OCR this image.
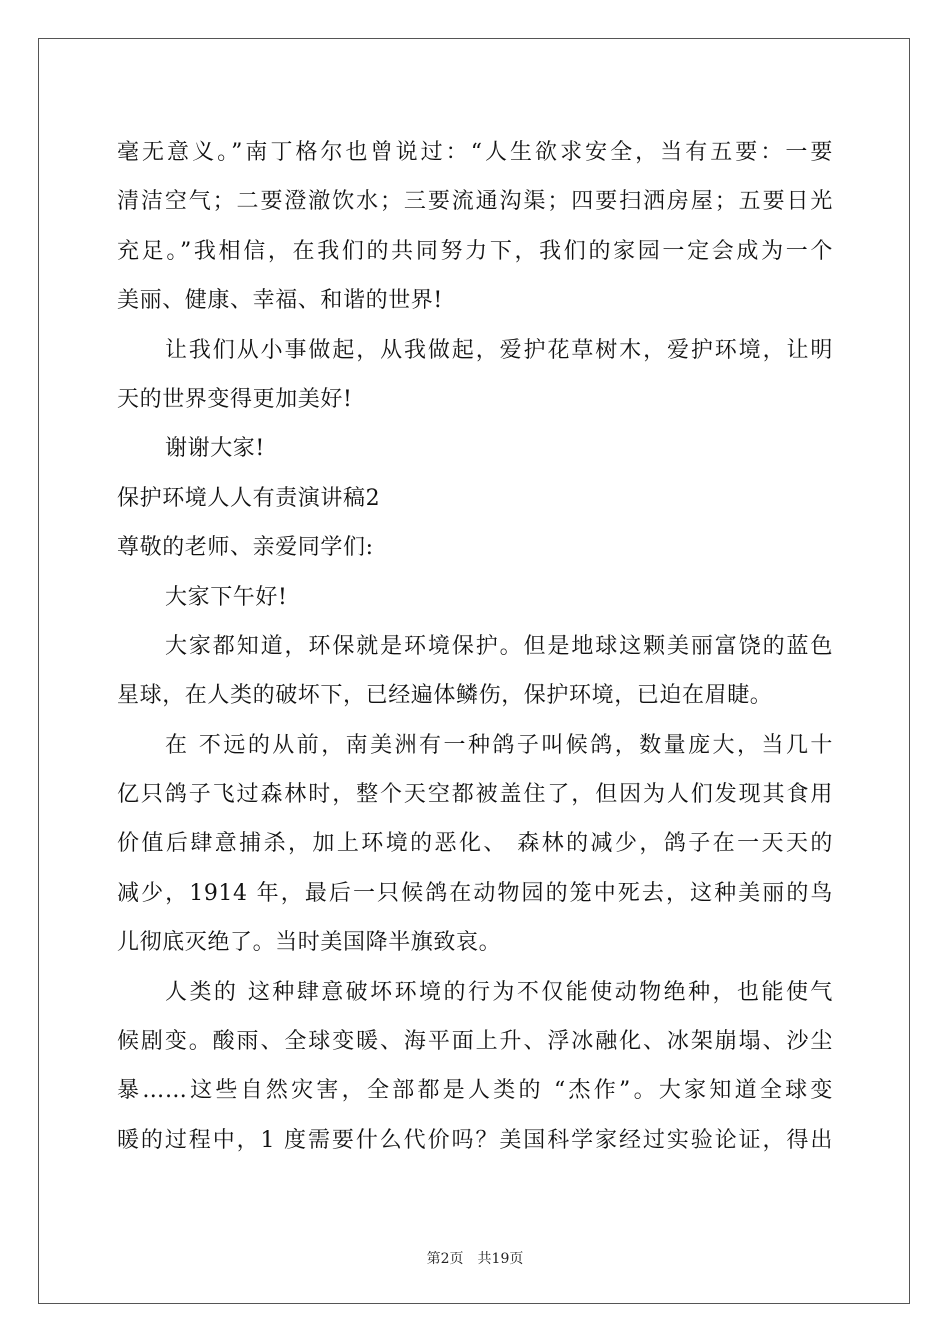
毫无意义。”南丁格尔也曾说过：“人生欲求安全，当有五要：一要
清洁空气；二要澄澈饮水；三要流通沟渠；四要扫洒房屋；五要日光
充足。”我相信，在我们的共同努力下，我们的家园一定会成为一个
美丽、健康、幸福、和谐的世界!
让我们从小事做起，从我做起，爱护花草树木，爱护环境，让明
天的世界变得更加美好!
谢谢大家!
保护环境人人有责演讲稿2
尊敬的老师、亲爱同学们:
大家下午好!
大家都知道，环保就是环境保护。但是地球这颗美丽富饶的蓝色
星球，在人类的破坏下，已经遍体鳞伤，保护环境，已迫在眉睫。
在 不远的从前，南美洲有一种鸽子叫候鸽，数量庞大，当几十
亿只鸽子飞过森林时，整个天空都被盖住了，但因为人们发现其食用
价值后肆意捕杀，加上环境的恶化、 森林的减少，鸽子在一天天的
减少，1914 年，最后一只候鸽在动物园的笼中死去，这种美丽的鸟
儿彻底灭绝了。当时美国降半旗致哀。
人类的 这种肆意破坏环境的行为不仅能使动物绝种，也能使气
候剧变。酸雨、全球变暖、海平面上升、浮冰融化、冰架崩塌、沙尘
暴……这些自然灾害，全部都是人类的 “杰作”。大家知道全球变
暖的过程中，1 度需要什么代价吗？美国科学家经过实验论证，得出
第2页 共19页
